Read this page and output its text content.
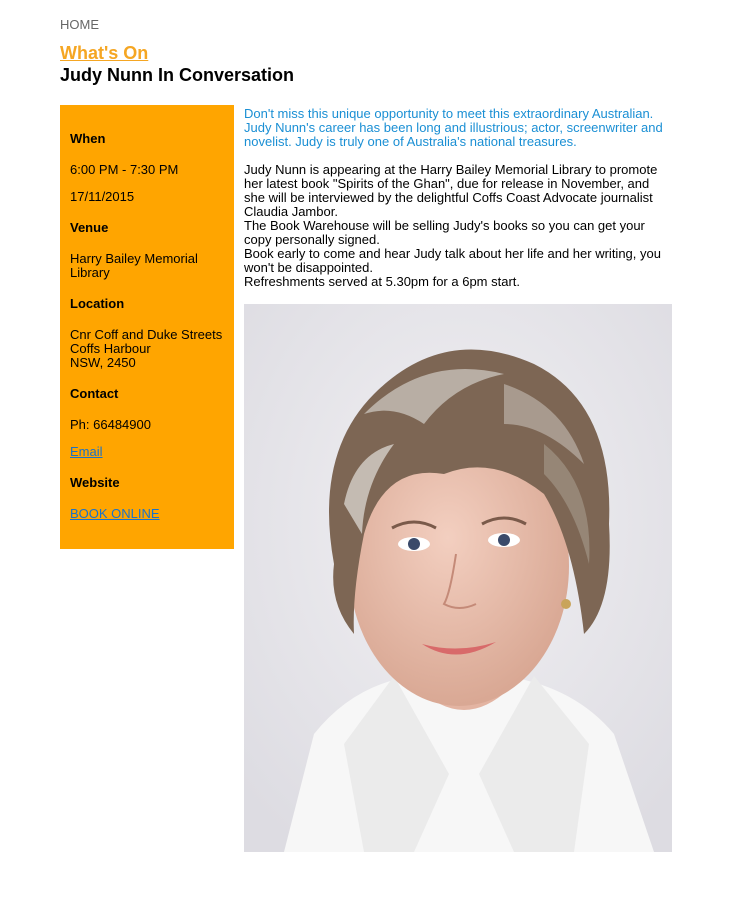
HOME
What's On
Judy Nunn In Conversation
When
6:00 PM - 7:30 PM
17/11/2015
Venue
Harry Bailey Memorial Library
Location
Cnr Coff and Duke Streets
Coffs Harbour
NSW, 2450
Contact
Ph: 66484900
Email
Website
BOOK ONLINE

Don't miss this unique opportunity to meet this extraordinary Australian. Judy Nunn's career has been long and illustrious; actor, screenwriter and novelist. Judy is truly one of Australia's national treasures.

Judy Nunn is appearing at the Harry Bailey Memorial Library to promote her latest book "Spirits of the Ghan", due for release in November, and she will be interviewed by the delightful Coffs Coast Advocate journalist Claudia Jambor.

The Book Warehouse will be selling Judy's books so you can get your copy personally signed.

Book early to come and hear Judy talk about her life and her writing, you won't be disappointed.

Refreshments served at 5.30pm for a 6pm start.
